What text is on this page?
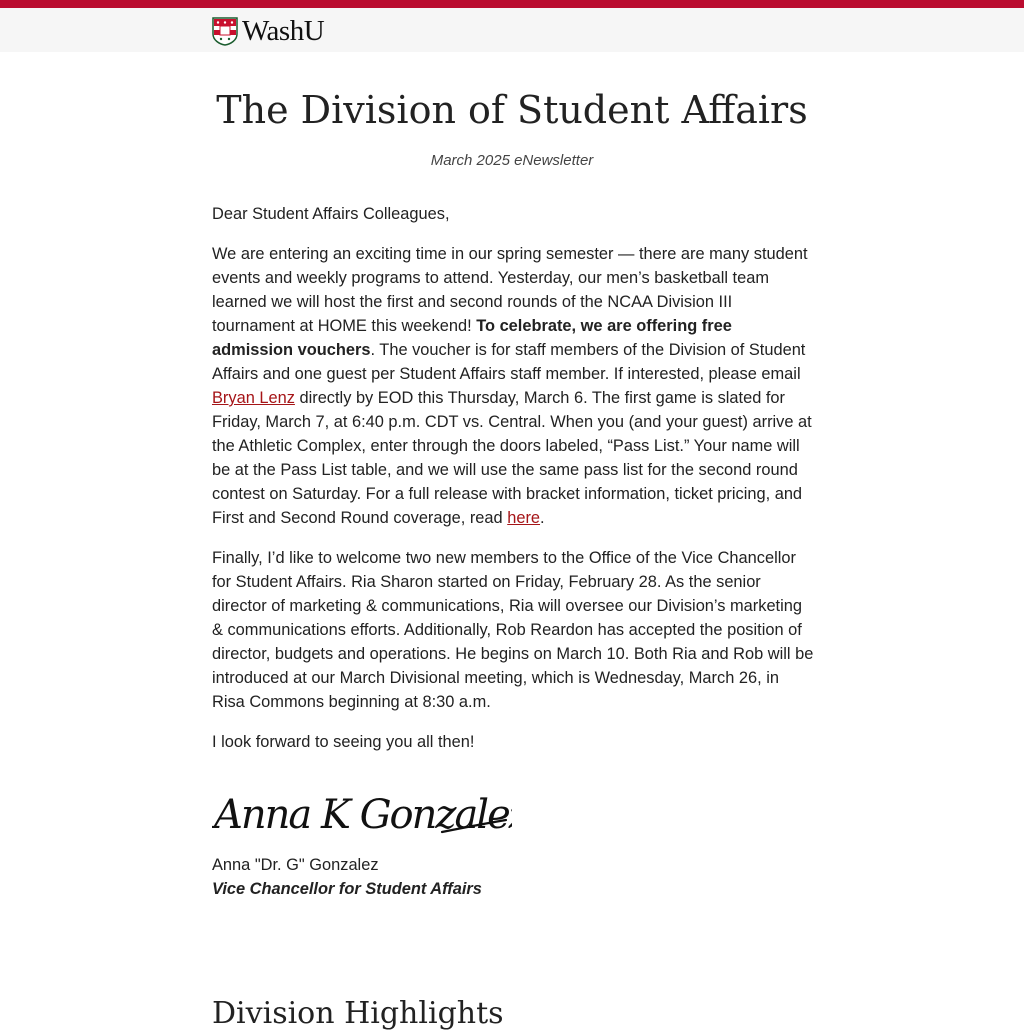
WashU
The Division of Student Affairs
March 2025 eNewsletter

Dear Student Affairs Colleagues,

We are entering an exciting time in our spring semester — there are many student events and weekly programs to attend. Yesterday, our men’s basketball team learned we will host the first and second rounds of the NCAA Division III tournament at HOME this weekend! To celebrate, we are offering free admission vouchers. The voucher is for staff members of the Division of Student Affairs and one guest per Student Affairs staff member. If interested, please email Bryan Lenz directly by EOD this Thursday, March 6. The first game is slated for Friday, March 7, at 6:40 p.m. CDT vs. Central. When you (and your guest) arrive at the Athletic Complex, enter through the doors labeled, “Pass List.” Your name will be at the Pass List table, and we will use the same pass list for the second round contest on Saturday. For a full release with bracket information, ticket pricing, and First and Second Round coverage, read here.

Finally, I’d like to welcome two new members to the Office of the Vice Chancellor for Student Affairs. Ria Sharon started on Friday, February 28. As the senior director of marketing & communications, Ria will oversee our Division’s marketing & communications efforts. Additionally, Rob Reardon has accepted the position of director, budgets and operations. He begins on March 10. Both Ria and Rob will be introduced at our March Divisional meeting, which is Wednesday, March 26, in Risa Commons beginning at 8:30 a.m.

I look forward to seeing you all then!

Anna K Gonzalez
Anna "Dr. G" Gonzalez
Vice Chancellor for Student Affairs
Division Highlights
